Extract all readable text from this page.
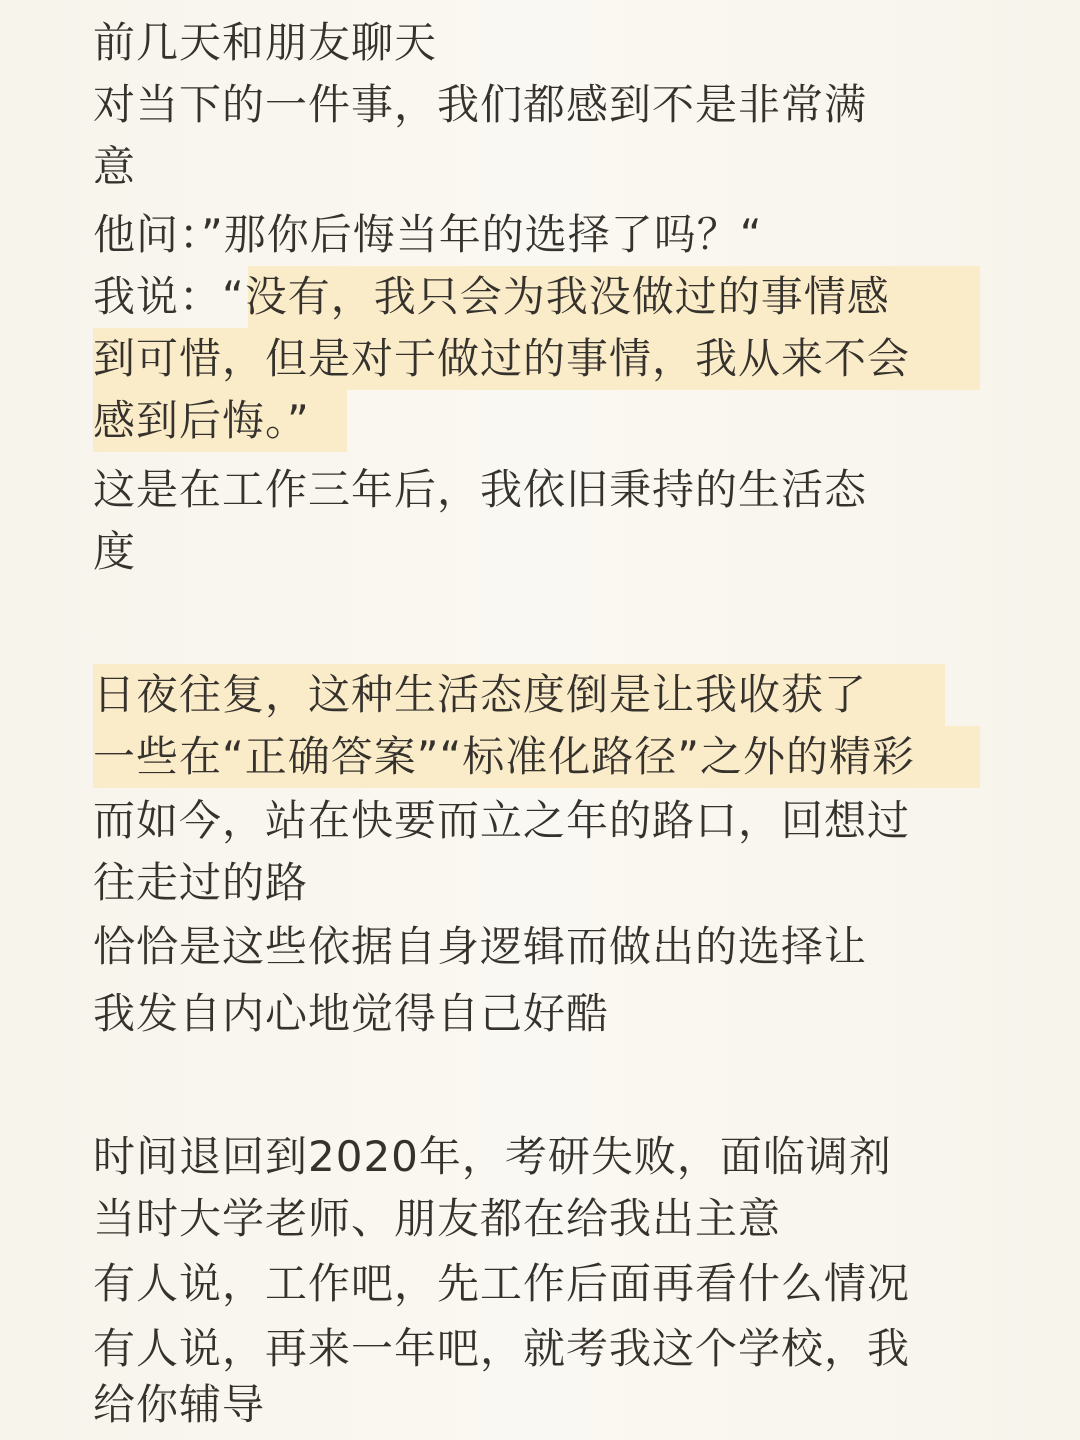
前几天和朋友聊天
对当下的一件事，我们都感到不是非常满
意
他问：”那你后悔当年的选择了吗？“
我说：“没有，我只会为我没做过的事情感
到可惜，但是对于做过的事情，我从来不会
感到后悔。”
这是在工作三年后，我依旧秉持的生活态
度
日夜往复，这种生活态度倒是让我收获了
一些在“正确答案”“标准化路径”之外的精彩
而如今，站在快要而立之年的路口，回想过
往走过的路
恰恰是这些依据自身逻辑而做出的选择让
我发自内心地觉得自己好酷
时间退回到2020年，考研失败，面临调剂
当时大学老师、朋友都在给我出主意
有人说，工作吧，先工作后面再看什么情况
有人说，再来一年吧，就考我这个学校，我
给你辅导
